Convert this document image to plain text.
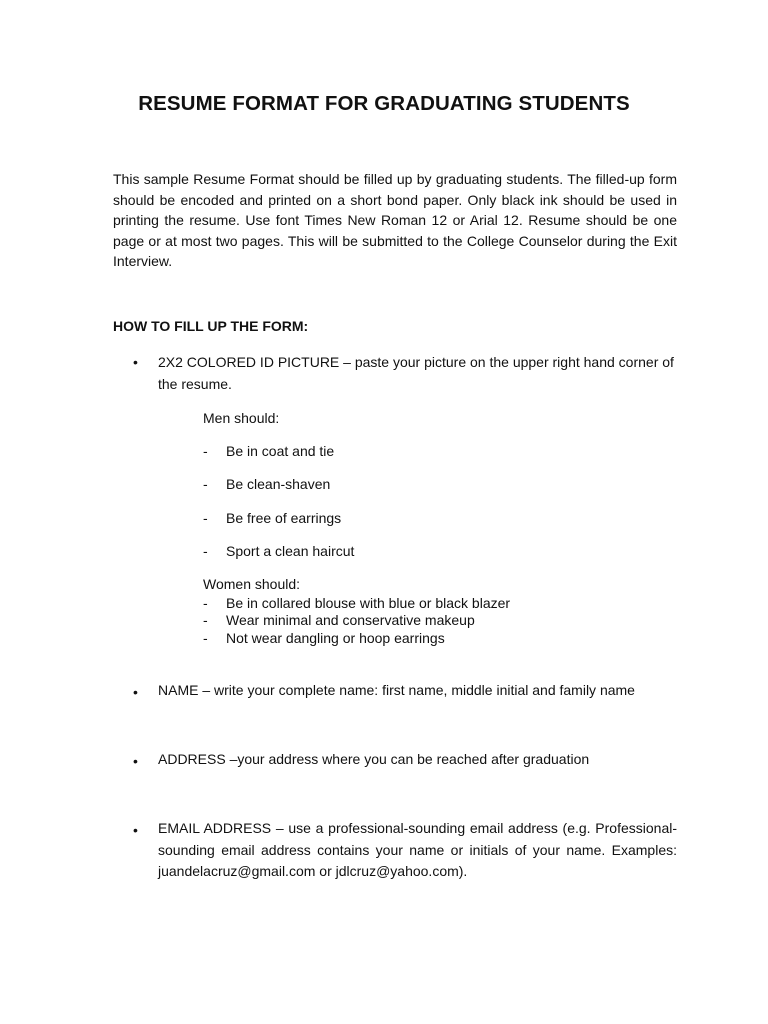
RESUME FORMAT FOR GRADUATING STUDENTS

This sample Resume Format should be filled up by graduating students. The filled-up form should be encoded and printed on a short bond paper. Only black ink should be used in printing the resume. Use font Times New Roman 12 or Arial 12. Resume should be one page or at most two pages. This will be submitted to the College Counselor during the Exit Interview.

HOW TO FILL UP THE FORM:
•	2X2 COLORED ID PICTURE – paste your picture on the upper right hand corner of the resume.

Men should:
- Be in coat and tie
- Be clean-shaven
- Be free of earrings
- Sport a clean haircut
Women should:
- Be in collared blouse with blue or black blazer
- Wear minimal and conservative makeup
- Not wear dangling or hoop earrings
•	NAME – write your complete name: first name, middle initial and family name

•	ADDRESS –your address where you can be reached after graduation

•	EMAIL ADDRESS – use a professional-sounding email address (e.g. Professional-sounding email address contains your name or initials of your name. Examples: juandelacruz@gmail.com or jdlcruz@yahoo.com).
